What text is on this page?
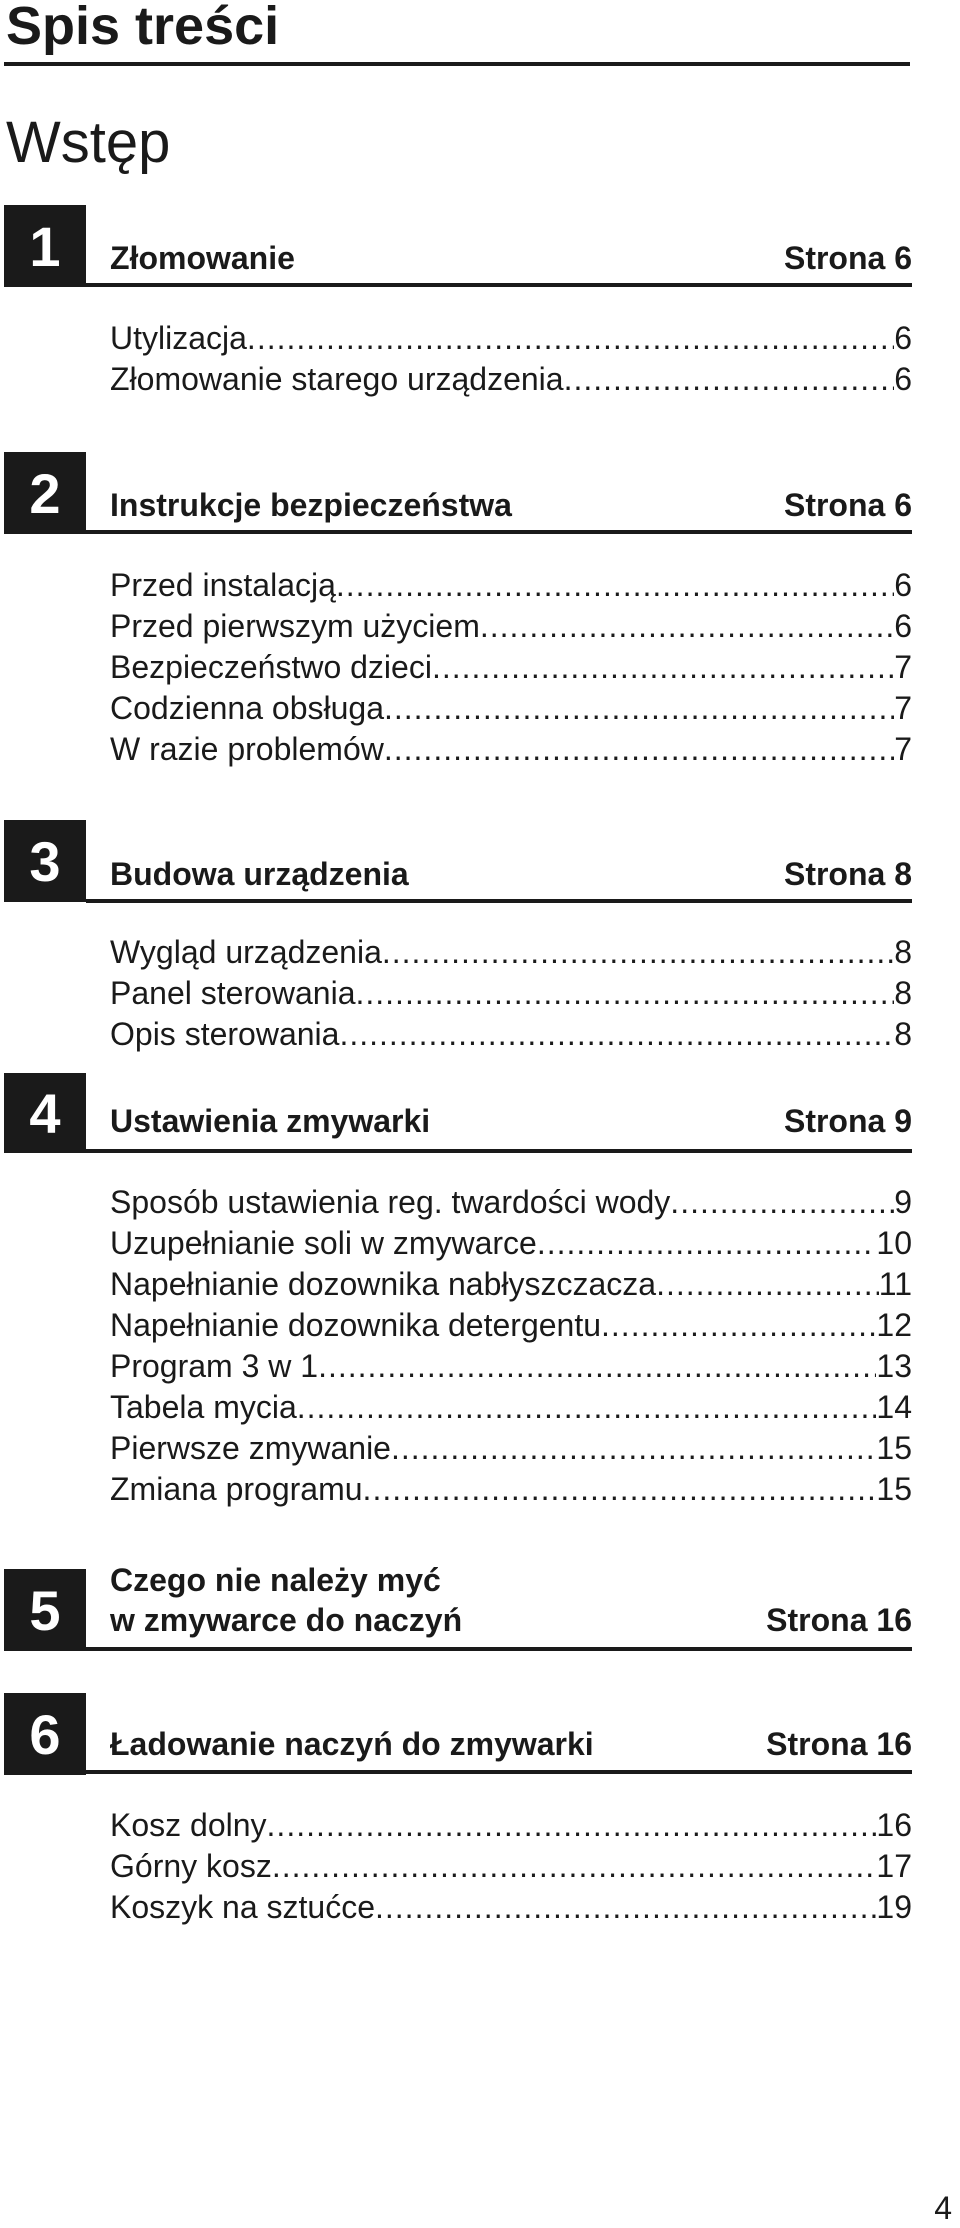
Spis treści
Wstęp
1	Złomowanie	Strona 6
Utylizacja .....	6
Złomowanie starego urządzenia .....	6
2	Instrukcje bezpieczeństwa	Strona 6
Przed instalacją .....	6
Przed pierwszym użyciem .....	6
Bezpieczeństwo dzieci .....	7
Codzienna obsługa .....	7
W razie problemów .....	7
3	Budowa urządzenia	Strona 8
Wygląd urządzenia .....	8
Panel sterowania .....	8
Opis sterowania .....	8
4	Ustawienia zmywarki	Strona 9
Sposób ustawienia reg. twardości wody .....	9
Uzupełnianie soli w zmywarce .....	10
Napełnianie dozownika nabłyszczacza .....	11
Napełnianie dozownika detergentu .....	12
Program 3 w 1 .....	13
Tabela mycia .....	14
Pierwsze zmywanie .....	15
Zmiana programu .....	15
5	Czego nie należy myć
w zmywarce do naczyń	Strona 16
6	Ładowanie naczyń do zmywarki	Strona 16
Kosz dolny .....	16
Górny kosz .....	17
Koszyk na sztućce .....	19
4
